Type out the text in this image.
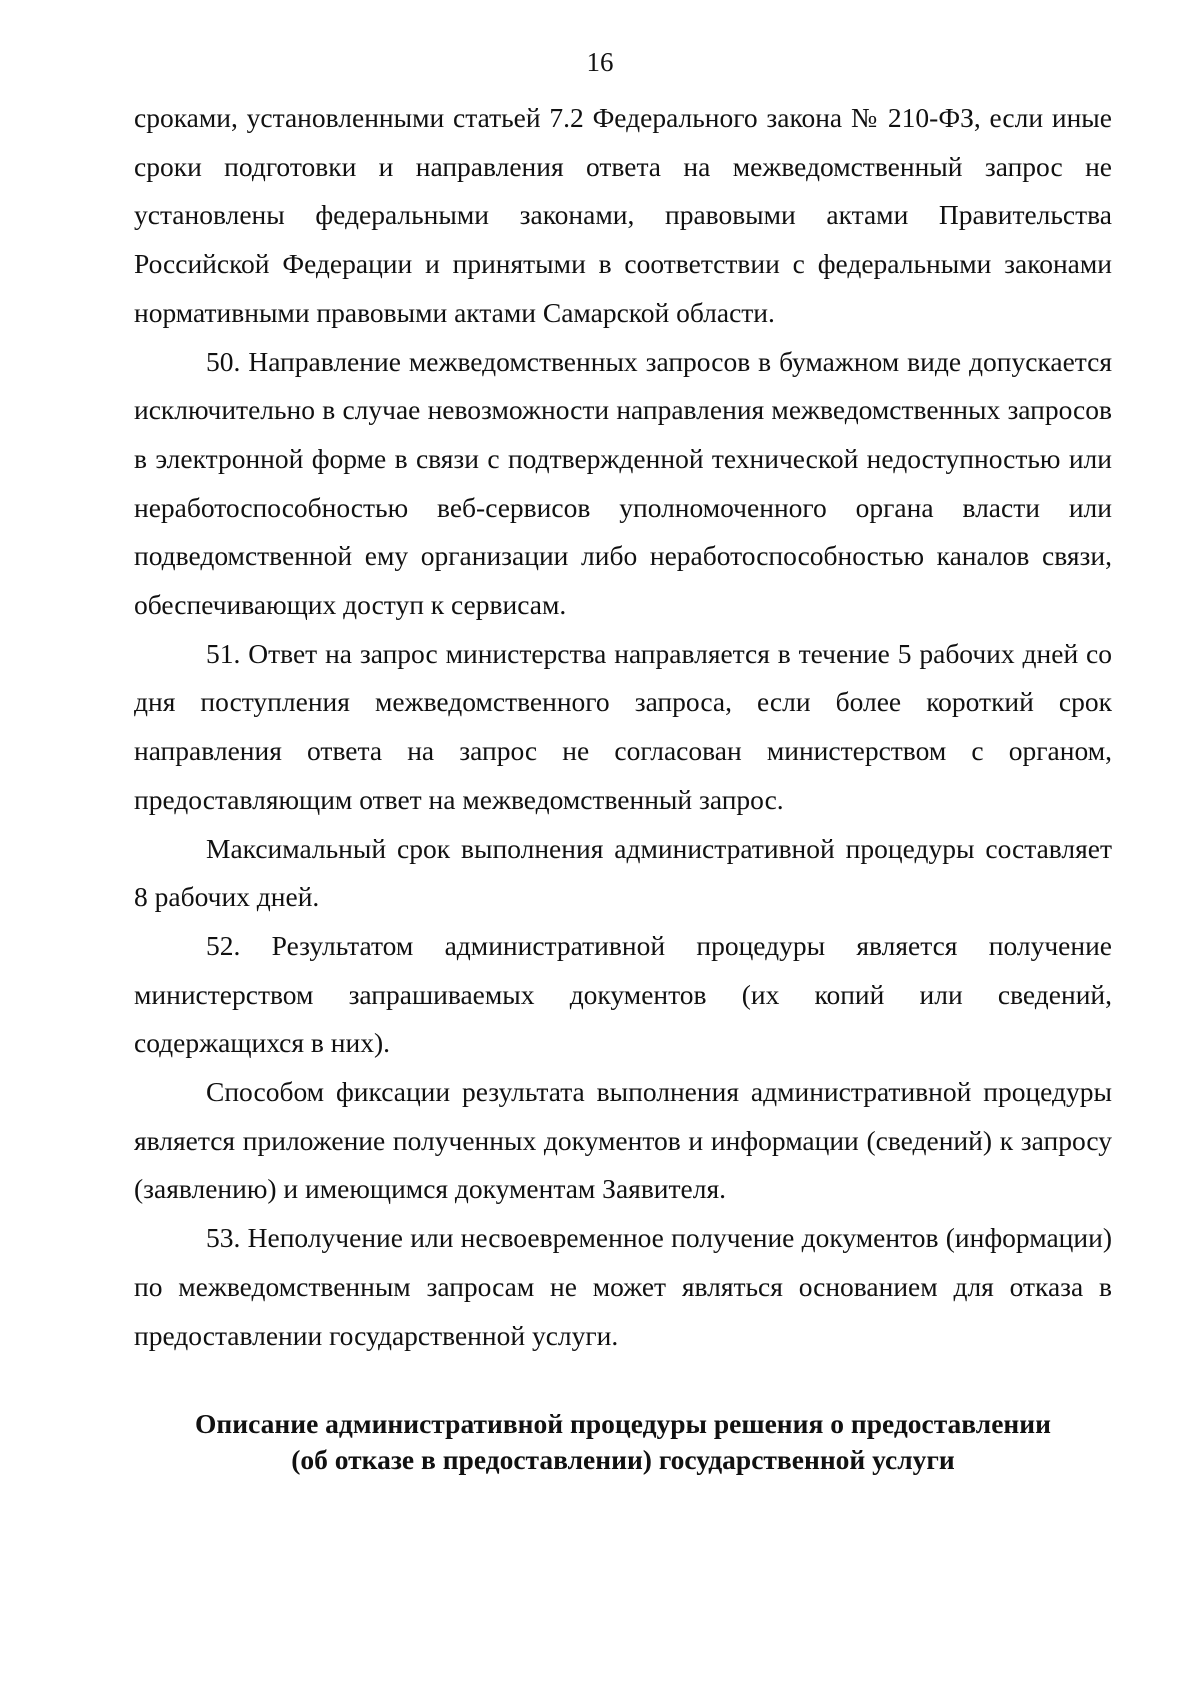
16

сроками, установленными статьей 7.2 Федерального закона № 210-ФЗ, если иные сроки подготовки и направления ответа на межведомственный запрос не установлены федеральными законами, правовыми актами Правительства Российской Федерации и принятыми в соответствии с федеральными законами нормативными правовыми актами Самарской области.

50. Направление межведомственных запросов в бумажном виде допускается исключительно в случае невозможности направления межведомственных запросов в электронной форме в связи с подтвержденной технической недоступностью или неработоспособностью веб-сервисов уполномоченного органа власти или подведомственной ему организации либо неработоспособностью каналов связи, обеспечивающих доступ к сервисам.

51. Ответ на запрос министерства направляется в течение 5 рабочих дней со дня поступления межведомственного запроса, если более короткий срок направления ответа на запрос не согласован министерством с органом, предоставляющим ответ на межведомственный запрос.

Максимальный срок выполнения административной процедуры составляет 8 рабочих дней.

52. Результатом административной процедуры является получение министерством запрашиваемых документов (их копий или сведений, содержащихся в них).

Способом фиксации результата выполнения административной процедуры является приложение полученных документов и информации (сведений) к запросу (заявлению) и имеющимся документам Заявителя.

53. Неполучение или несвоевременное получение документов (информации) по межведомственным запросам не может являться основанием для отказа в предоставлении государственной услуги.

Описание административной процедуры решения о предоставлении
(об отказе в предоставлении) государственной услуги
